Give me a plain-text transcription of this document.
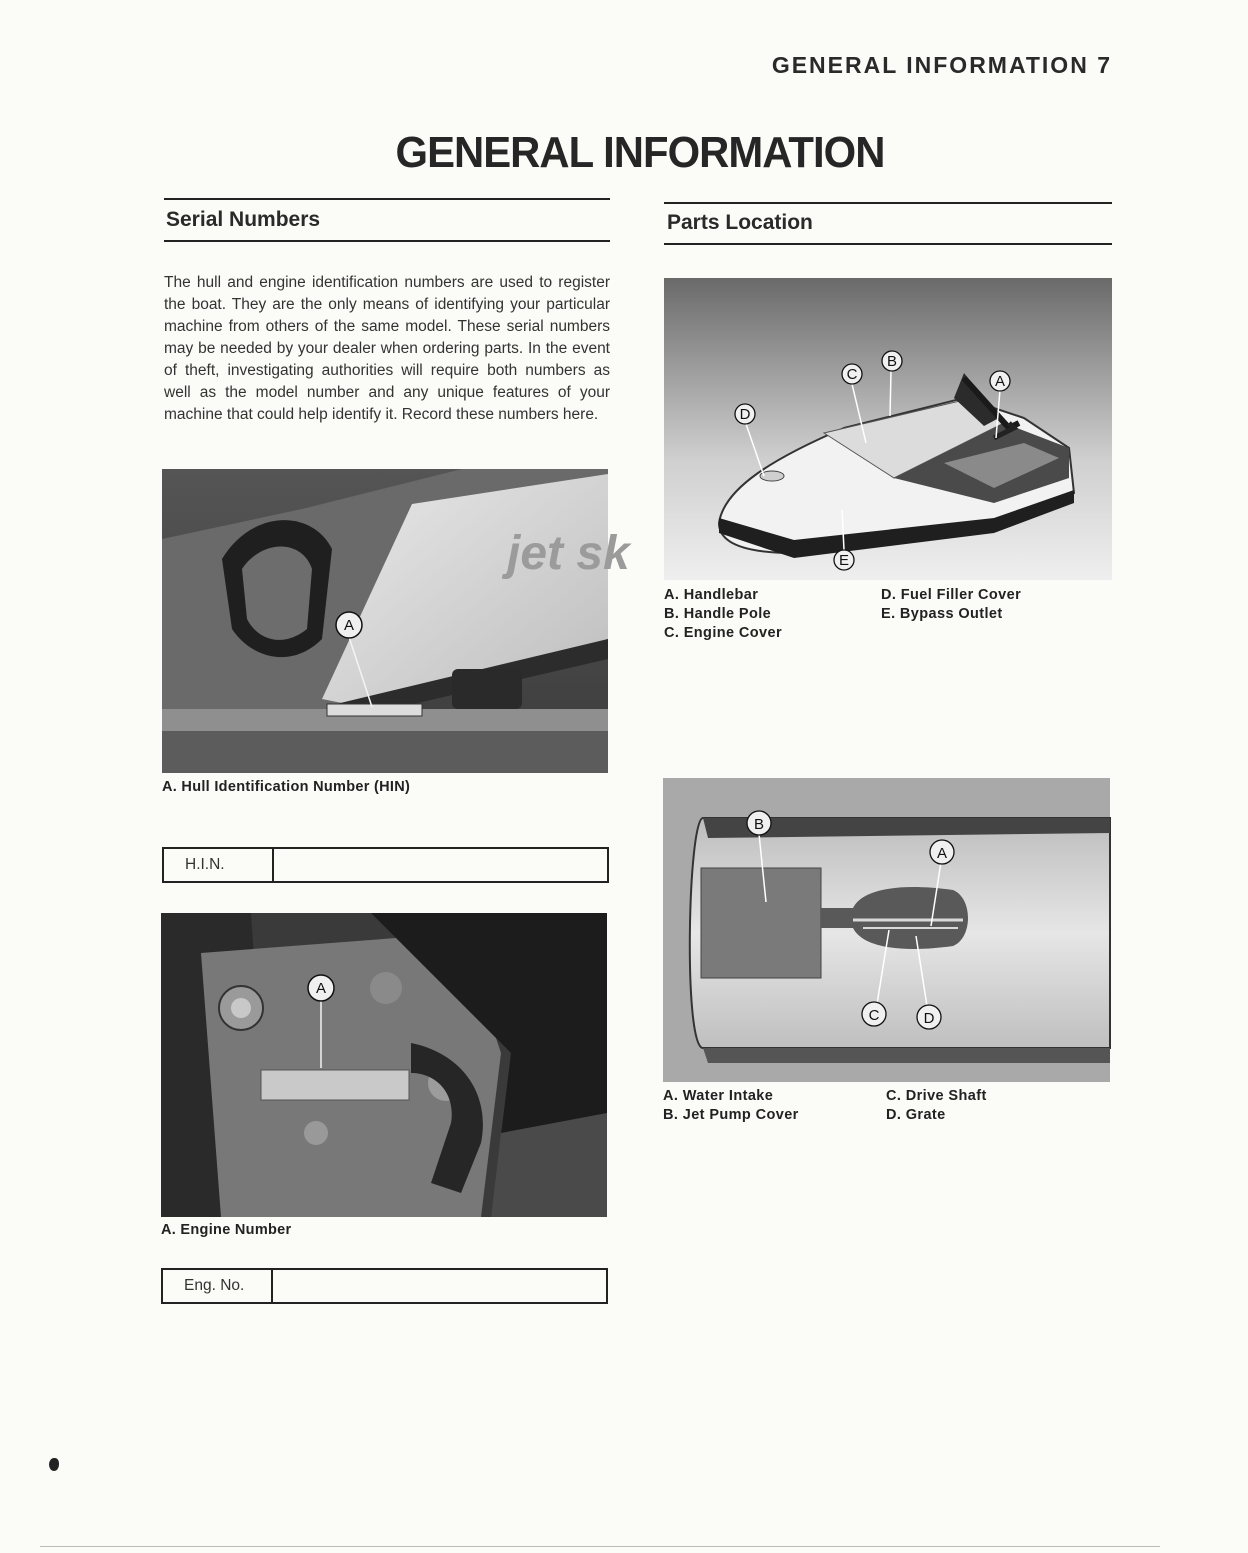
GENERAL INFORMATION 7
GENERAL INFORMATION
Serial Numbers	Parts Location
The hull and engine identification numbers are used to register the boat. They are the only means of identifying your particular machine from others of the same model. These serial numbers may be needed by your dealer when ordering parts. In the event of theft, investigating authorities will require both numbers as well as the model number and any unique features of your machine that could help identify it. Record these numbers here.
jet sk
A
A. Hull Identification Number (HIN)
H.I.N.
A
A. Engine Number
Eng. No.
A
B
C
D
E
A. Handlebar
B. Handle Pole
C. Engine Cover
D. Fuel Filler Cover
E. Bypass Outlet
B
A
C	D
A. Water Intake
B. Jet Pump Cover
C. Drive Shaft
D. Grate
